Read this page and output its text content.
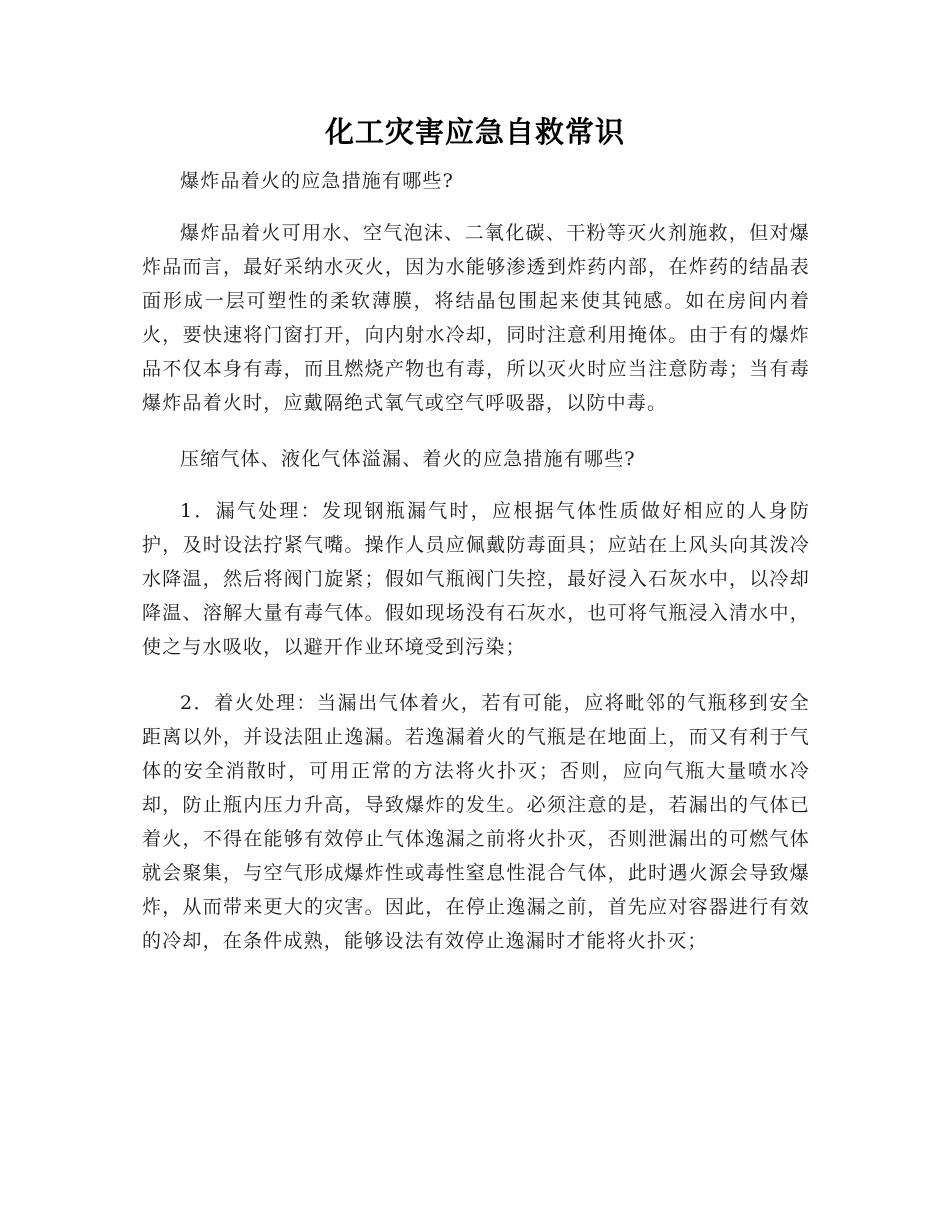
化工灾害应急自救常识

爆炸品着火的应急措施有哪些?

爆炸品着火可用水、空气泡沫、二氧化碳、干粉等灭火剂施救，但对爆炸品而言，最好采纳水灭火，因为水能够渗透到炸药内部，在炸药的结晶表面形成一层可塑性的柔软薄膜，将结晶包围起来使其钝感。如在房间内着火，要快速将门窗打开，向内射水冷却，同时注意利用掩体。由于有的爆炸品不仅本身有毒，而且燃烧产物也有毒，所以灭火时应当注意防毒；当有毒爆炸品着火时，应戴隔绝式氧气或空气呼吸器，以防中毒。

压缩气体、液化气体溢漏、着火的应急措施有哪些?

1．漏气处理：发现钢瓶漏气时，应根据气体性质做好相应的人身防护，及时设法拧紧气嘴。操作人员应佩戴防毒面具；应站在上风头向其泼冷水降温，然后将阀门旋紧；假如气瓶阀门失控，最好浸入石灰水中，以冷却降温、溶解大量有毒气体。假如现场没有石灰水，也可将气瓶浸入清水中，使之与水吸收，以避开作业环境受到污染；

2．着火处理：当漏出气体着火，若有可能，应将毗邻的气瓶移到安全距离以外，并设法阻止逸漏。若逸漏着火的气瓶是在地面上，而又有利于气体的安全消散时，可用正常的方法将火扑灭；否则，应向气瓶大量喷水冷却，防止瓶内压力升高，导致爆炸的发生。必须注意的是，若漏出的气体已着火，不得在能够有效停止气体逸漏之前将火扑灭，否则泄漏出的可燃气体就会聚集，与空气形成爆炸性或毒性窒息性混合气体，此时遇火源会导致爆炸，从而带来更大的灾害。因此，在停止逸漏之前，首先应对容器进行有效的冷却，在条件成熟，能够设法有效停止逸漏时才能将火扑灭；
